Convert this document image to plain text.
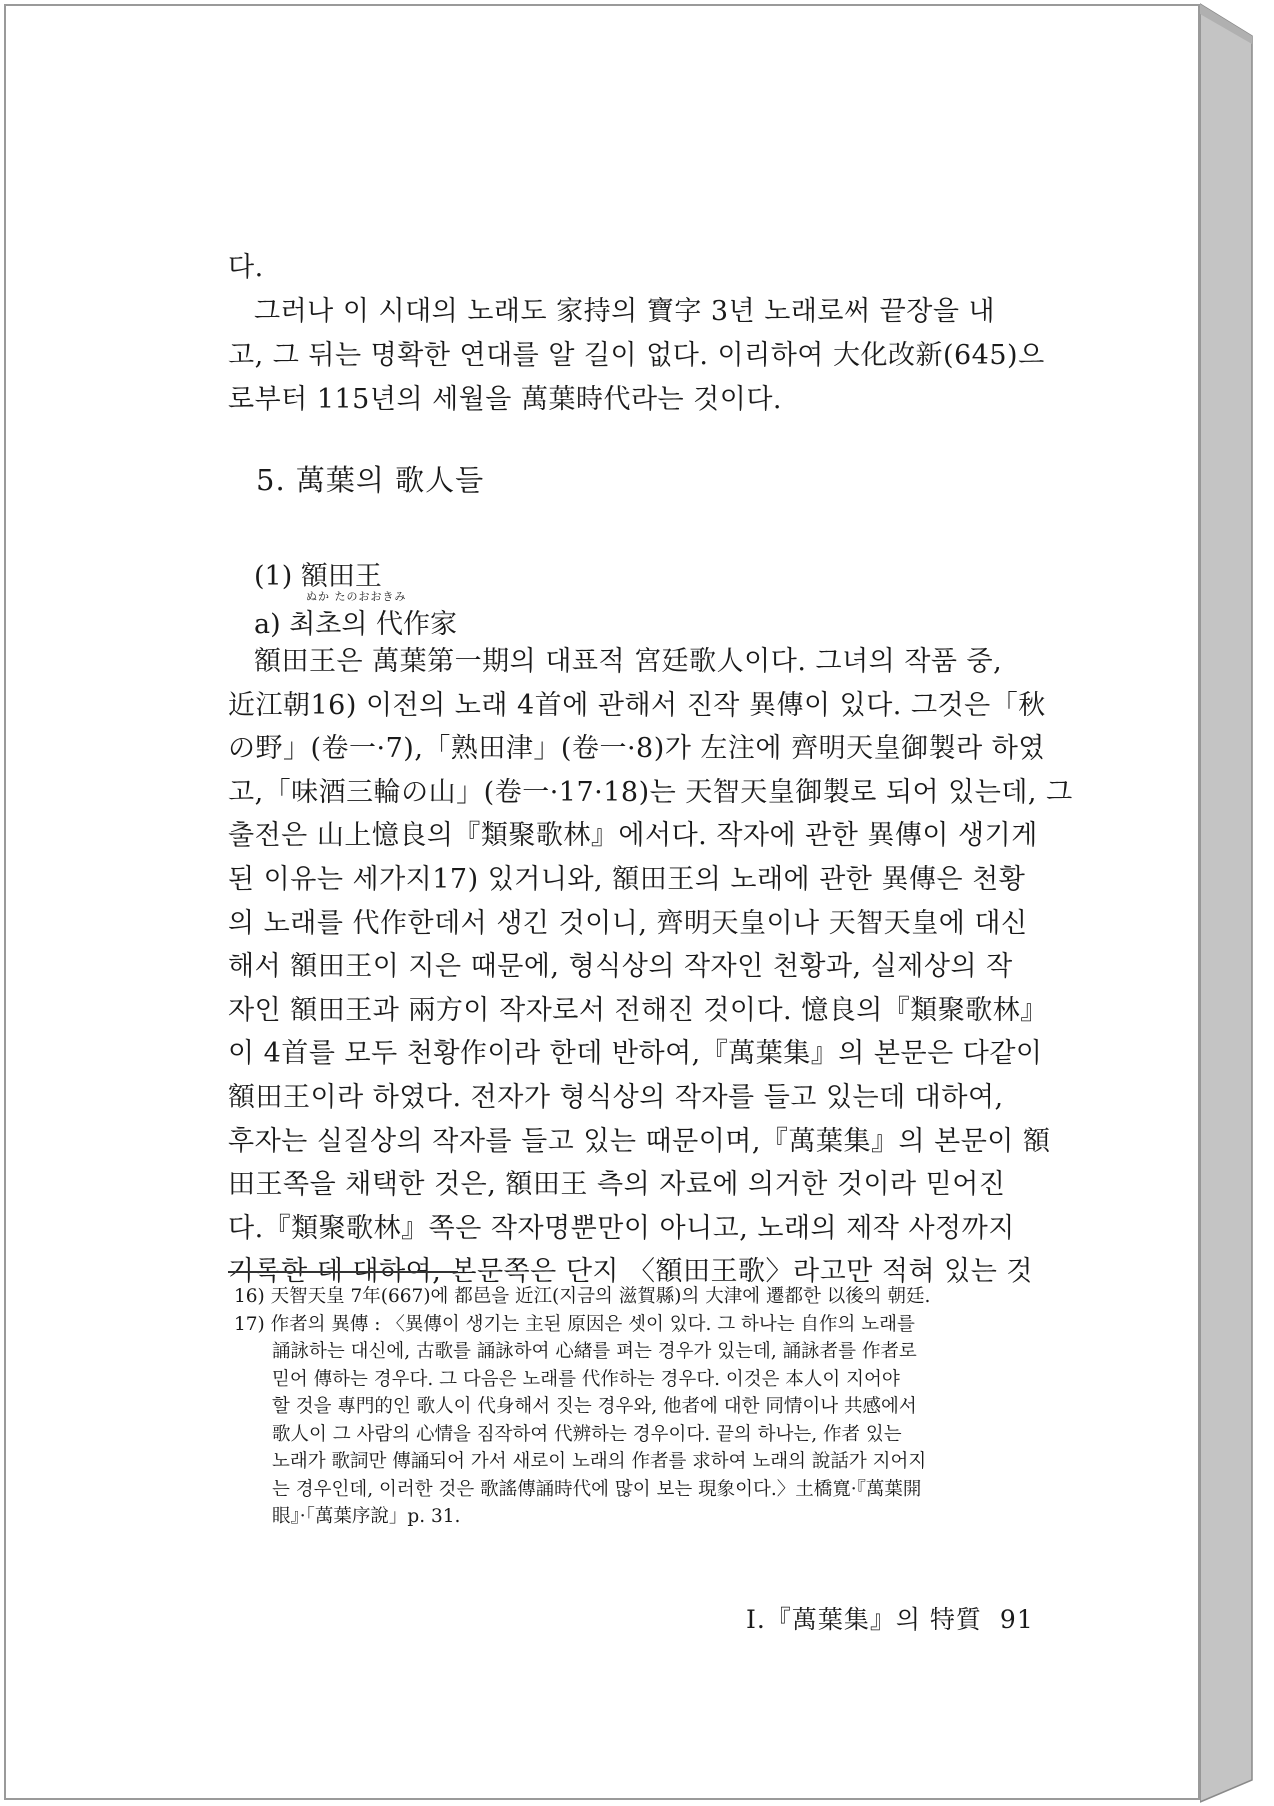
다.
그러나 이 시대의 노래도 家持의 寶字 3년 노래로써 끝장을 내
고, 그 뒤는 명확한 연대를 알 길이 없다. 이리하여 大化改新(645)으
로부터 115년의 세월을 萬葉時代라는 것이다.
5. 萬葉의 歌人들
(1) 額田王
ぬか たのおおきみ
a) 최초의 代作家
額田王은 萬葉第一期의 대표적 宮廷歌人이다. 그녀의 작품 중,
近江朝16) 이전의 노래 4首에 관해서 진작 異傳이 있다. 그것은「秋
の野」(卷一·7),「熟田津」(卷一·8)가 左注에 齊明天皇御製라 하였
고,「味酒三輪の山」(卷一·17·18)는 天智天皇御製로 되어 있는데, 그
출전은 山上憶良의『類聚歌林』에서다. 작자에 관한 異傳이 생기게
된 이유는 세가지17) 있거니와, 額田王의 노래에 관한 異傳은 천황
의 노래를 代作한데서 생긴 것이니, 齊明天皇이나 天智天皇에 대신
해서 額田王이 지은 때문에, 형식상의 작자인 천황과, 실제상의 작
자인 額田王과 兩方이 작자로서 전해진 것이다. 憶良의『類聚歌林』
이 4首를 모두 천황作이라 한데 반하여,『萬葉集』의 본문은 다같이
額田王이라 하였다. 전자가 형식상의 작자를 들고 있는데 대하여,
후자는 실질상의 작자를 들고 있는 때문이며,『萬葉集』의 본문이 額
田王쪽을 채택한 것은, 額田王 측의 자료에 의거한 것이라 믿어진
다.『類聚歌林』쪽은 작자명뿐만이 아니고, 노래의 제작 사정까지
기록한 데 대하여, 본문쪽은 단지 〈額田王歌〉라고만 적혀 있는 것
16) 天智天皇 7年(667)에 都邑을 近江(지금의 滋賀縣)의 大津에 遷都한 以後의 朝廷.
17) 作者의 異傳 : 〈異傳이 생기는 主된 原因은 셋이 있다. 그 하나는 自作의 노래를
誦詠하는 대신에, 古歌를 誦詠하여 心緖를 펴는 경우가 있는데, 誦詠者를 作者로
믿어 傳하는 경우다. 그 다음은 노래를 代作하는 경우다. 이것은 本人이 지어야
할 것을 專門的인 歌人이 代身해서 짓는 경우와, 他者에 대한 同情이나 共感에서
歌人이 그 사람의 心情을 짐작하여 代辨하는 경우이다. 끝의 하나는, 作者 있는
노래가 歌詞만 傳誦되어 가서 새로이 노래의 作者를 求하여 노래의 說話가 지어지
는 경우인데, 이러한 것은 歌謠傳誦時代에 많이 보는 現象이다.〉土橋寬·『萬葉開
眼』·「萬葉序說」p. 31.
I.『萬葉集』의 特質 91
